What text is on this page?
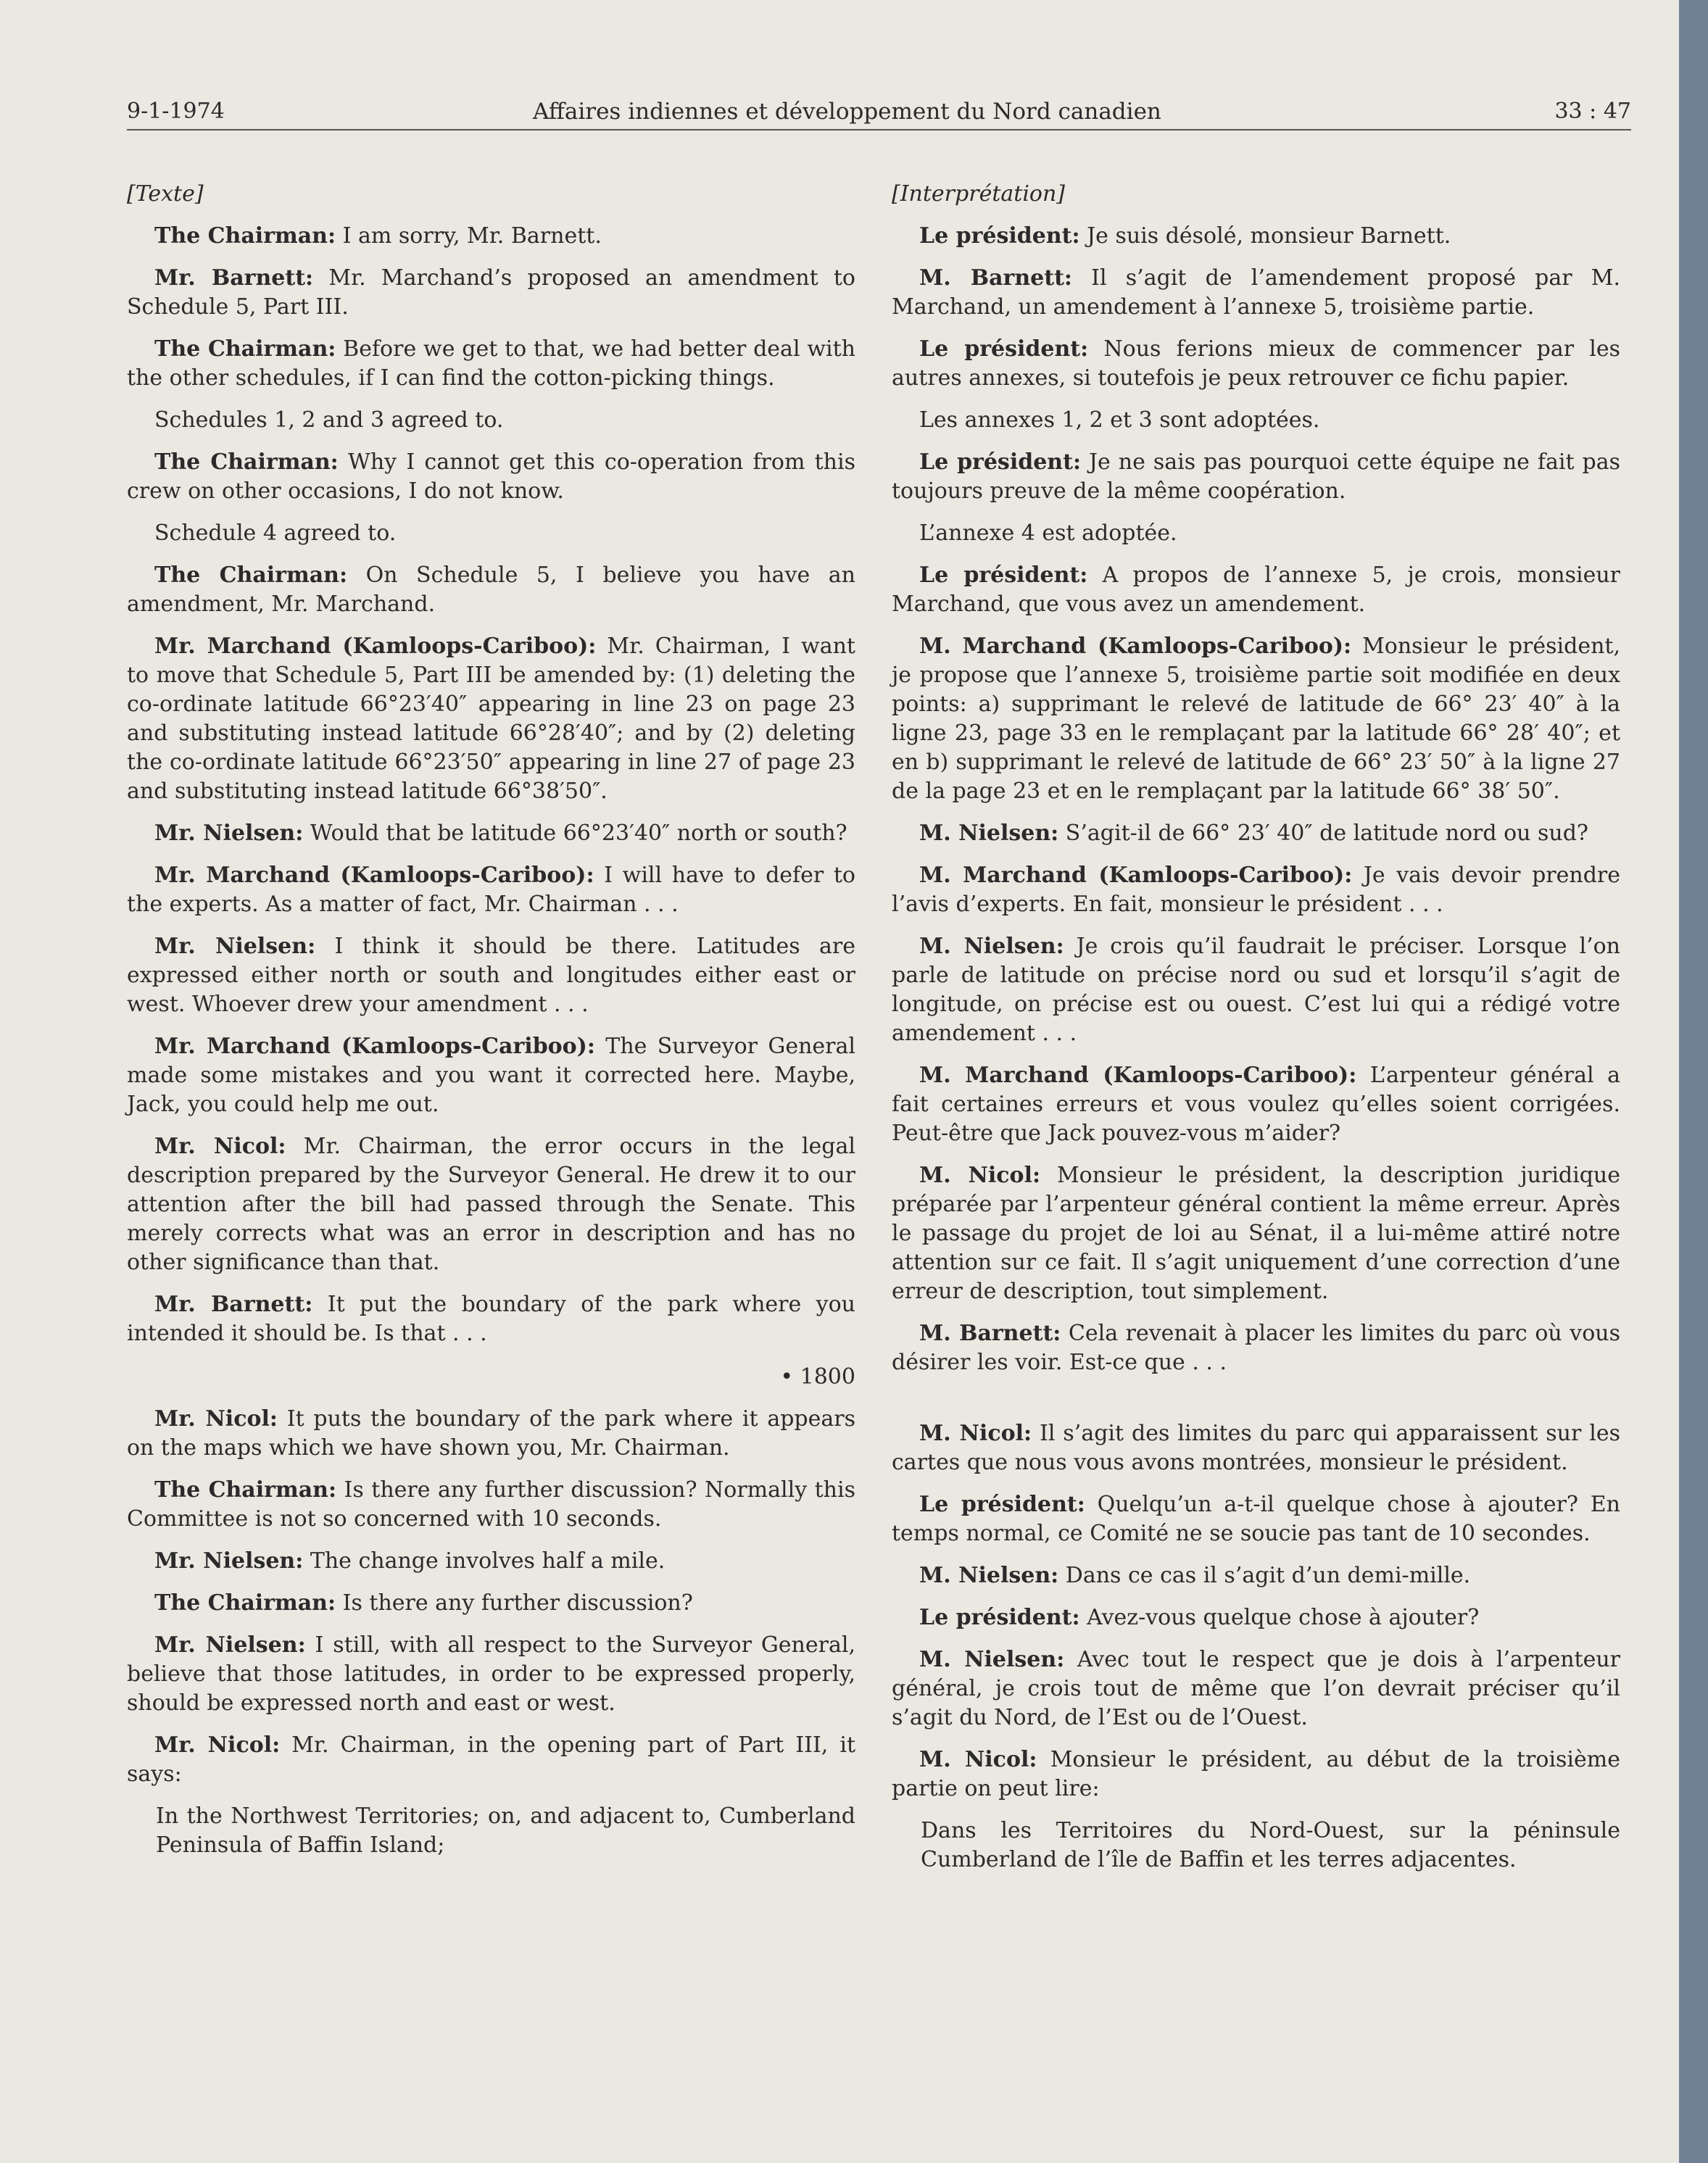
9-1-1974	Affaires indiennes et développement du Nord canadien	33 : 47

[Texte]

The Chairman: I am sorry, Mr. Barnett.

Mr. Barnett: Mr. Marchand’s proposed an amendment to Schedule 5, Part III.

The Chairman: Before we get to that, we had better deal with the other schedules, if I can find the cotton-picking things.

Schedules 1, 2 and 3 agreed to.

The Chairman: Why I cannot get this co-operation from this crew on other occasions, I do not know.

Schedule 4 agreed to.

The Chairman: On Schedule 5, I believe you have an amendment, Mr. Marchand.

Mr. Marchand (Kamloops-Cariboo): Mr. Chairman, I want to move that Schedule 5, Part III be amended by: (1) deleting the co-ordinate latitude 66°23′40″ appearing in line 23 on page 23 and substituting instead latitude 66°28′40″; and by (2) deleting the co-ordinate latitude 66°23′50″ appearing in line 27 of page 23 and substituting instead latitude 66°38′50″.

Mr. Nielsen: Would that be latitude 66°23′40″ north or south?

Mr. Marchand (Kamloops-Cariboo): I will have to defer to the experts. As a matter of fact, Mr. Chairman . . .

Mr. Nielsen: I think it should be there. Latitudes are expressed either north or south and longitudes either east or west. Whoever drew your amendment . . .

Mr. Marchand (Kamloops-Cariboo): The Surveyor General made some mistakes and you want it corrected here. Maybe, Jack, you could help me out.

Mr. Nicol: Mr. Chairman, the error occurs in the legal description prepared by the Surveyor General. He drew it to our attention after the bill had passed through the Senate. This merely corrects what was an error in description and has no other significance than that.

Mr. Barnett: It put the boundary of the park where you intended it should be. Is that . . .

• 1800

Mr. Nicol: It puts the boundary of the park where it appears on the maps which we have shown you, Mr. Chairman.

The Chairman: Is there any further discussion? Normally this Committee is not so concerned with 10 seconds.

Mr. Nielsen: The change involves half a mile.

The Chairman: Is there any further discussion?

Mr. Nielsen: I still, with all respect to the Surveyor General, believe that those latitudes, in order to be expressed properly, should be expressed north and east or west.

Mr. Nicol: Mr. Chairman, in the opening part of Part III, it says:

In the Northwest Territories; on, and adjacent to, Cumberland Peninsula of Baffin Island;

[Interprétation]

Le président: Je suis désolé, monsieur Barnett.

M. Barnett: Il s’agit de l’amendement proposé par M. Marchand, un amendement à l’annexe 5, troisième partie.

Le président: Nous ferions mieux de commencer par les autres annexes, si toutefois je peux retrouver ce fichu papier.

Les annexes 1, 2 et 3 sont adoptées.

Le président: Je ne sais pas pourquoi cette équipe ne fait pas toujours preuve de la même coopération.

L’annexe 4 est adoptée.

Le président: A propos de l’annexe 5, je crois, monsieur Marchand, que vous avez un amendement.

M. Marchand (Kamloops-Cariboo): Monsieur le président, je propose que l’annexe 5, troisième partie soit modifiée en deux points: a) supprimant le relevé de latitude de 66° 23′ 40″ à la ligne 23, page 33 en le remplaçant par la latitude 66° 28′ 40″; et en b) supprimant le relevé de latitude de 66° 23′ 50″ à la ligne 27 de la page 23 et en le remplaçant par la latitude 66° 38′ 50″.

M. Nielsen: S’agit-il de 66° 23′ 40″ de latitude nord ou sud?

M. Marchand (Kamloops-Cariboo): Je vais devoir prendre l’avis d’experts. En fait, monsieur le président . . .

M. Nielsen: Je crois qu’il faudrait le préciser. Lorsque l’on parle de latitude on précise nord ou sud et lorsqu’il s’agit de longitude, on précise est ou ouest. C’est lui qui a rédigé votre amendement . . .

M. Marchand (Kamloops-Cariboo): L’arpenteur général a fait certaines erreurs et vous voulez qu’elles soient corrigées. Peut-être que Jack pouvez-vous m’aider?

M. Nicol: Monsieur le président, la description juridique préparée par l’arpenteur général contient la même erreur. Après le passage du projet de loi au Sénat, il a lui-même attiré notre attention sur ce fait. Il s’agit uniquement d’une correction d’une erreur de description, tout simplement.

M. Barnett: Cela revenait à placer les limites du parc où vous désirer les voir. Est-ce que . . .

M. Nicol: Il s’agit des limites du parc qui apparaissent sur les cartes que nous vous avons montrées, monsieur le président.

Le président: Quelqu’un a-t-il quelque chose à ajouter? En temps normal, ce Comité ne se soucie pas tant de 10 secondes.

M. Nielsen: Dans ce cas il s’agit d’un demi-mille.

Le président: Avez-vous quelque chose à ajouter?

M. Nielsen: Avec tout le respect que je dois à l’arpenteur général, je crois tout de même que l’on devrait préciser qu’il s’agit du Nord, de l’Est ou de l’Ouest.

M. Nicol: Monsieur le président, au début de la troisième partie on peut lire:

Dans les Territoires du Nord-Ouest, sur la péninsule Cumberland de l’île de Baffin et les terres adjacentes.
